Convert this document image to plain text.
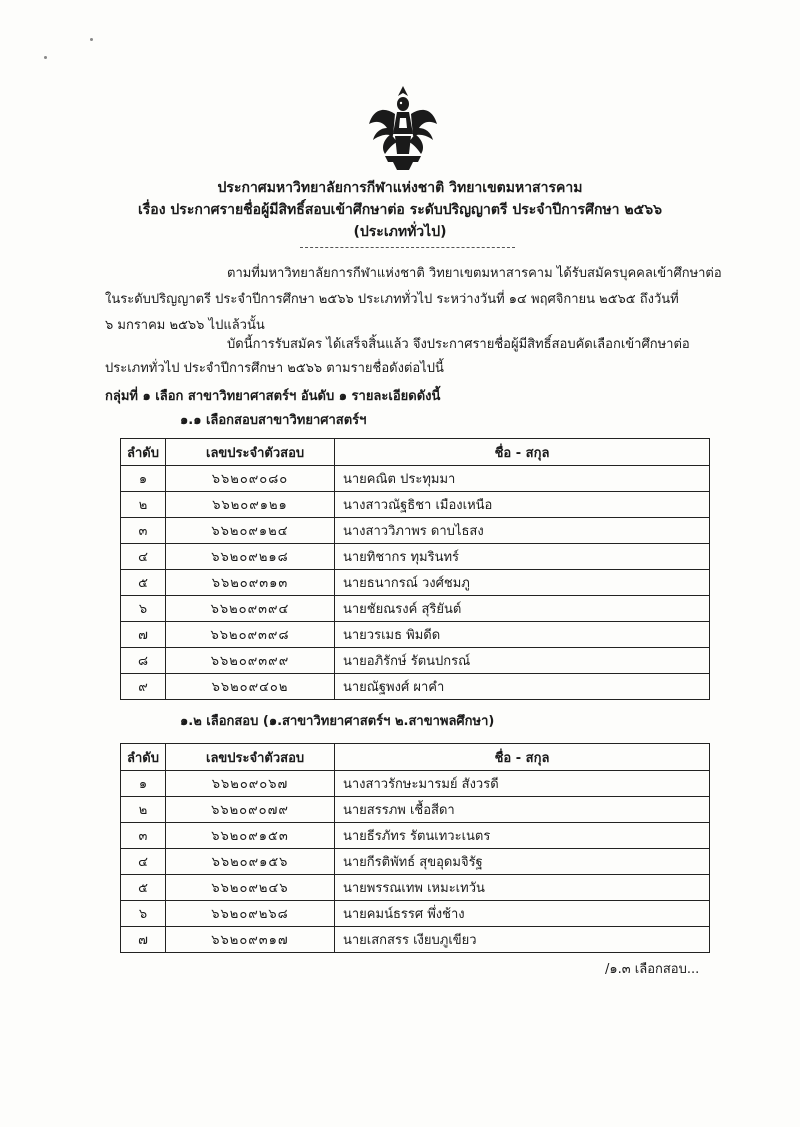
ประกาศมหาวิทยาลัยการกีฬาแห่งชาติ วิทยาเขตมหาสารคาม
เรื่อง ประกาศรายชื่อผู้มีสิทธิ์สอบเข้าศึกษาต่อ ระดับปริญญาตรี ประจำปีการศึกษา ๒๕๖๖
(ประเภททั่วไป)
ตามที่มหาวิทยาลัยการกีฬาแห่งชาติ วิทยาเขตมหาสารคาม ได้รับสมัครบุคคลเข้าศึกษาต่อ
ในระดับปริญญาตรี ประจำปีการศึกษา ๒๕๖๖ ประเภททั่วไป ระหว่างวันที่ ๑๔ พฤศจิกายน ๒๕๖๕ ถึงวันที่
๖ มกราคม ๒๕๖๖ ไปแล้วนั้น
บัดนี้การรับสมัคร ได้เสร็จสิ้นแล้ว จึงประกาศรายชื่อผู้มีสิทธิ์สอบคัดเลือกเข้าศึกษาต่อ
ประเภททั่วไป ประจำปีการศึกษา ๒๕๖๖ ตามรายชื่อดังต่อไปนี้
กลุ่มที่ ๑ เลือก สาขาวิทยาศาสตร์ฯ อันดับ ๑ รายละเอียดดังนี้
๑.๑ เลือกสอบสาขาวิทยาศาสตร์ฯ
ลำดับ	เลขประจำตัวสอบ	ชื่อ - สกุล
๑	๖๖๒๐๙๐๘๐	นายคณิต ประทุมมา
๒	๖๖๒๐๙๑๒๑	นางสาวณัฐธิชา เมืองเหนือ
๓	๖๖๒๐๙๑๒๔	นางสาววิภาพร ดาบไธสง
๔	๖๖๒๐๙๒๑๘	นายทิชากร ทุมรินทร์
๕	๖๖๒๐๙๓๑๓	นายธนากรณ์ วงศ์ชมภู
๖	๖๖๒๐๙๓๙๔	นายชัยณรงค์ สุริยันต์
๗	๖๖๒๐๙๓๙๘	นายวรเมธ พิมดีด
๘	๖๖๒๐๙๓๙๙	นายอภิรักษ์ รัตนปกรณ์
๙	๖๖๒๐๙๔๐๒	นายณัฐพงศ์ ผาคำ
๑.๒ เลือกสอบ (๑.สาขาวิทยาศาสตร์ฯ ๒.สาขาพลศึกษา)
ลำดับ	เลขประจำตัวสอบ	ชื่อ - สกุล
๑	๖๖๒๐๙๐๖๗	นางสาวรักษะมารมย์ สังวรดี
๒	๖๖๒๐๙๐๗๙	นายสรรภพ เชื้อสีดา
๓	๖๖๒๐๙๑๕๓	นายธีรภัทร รัตนเทวะเนตร
๔	๖๖๒๐๙๑๕๖	นายกีรติพัทธ์ สุขอุดมจิรัฐ
๕	๖๖๒๐๙๒๔๖	นายพรรณเทพ เหมะเทวัน
๖	๖๖๒๐๙๒๖๘	นายคมน์ธรรศ พึ่งช้าง
๗	๖๖๒๐๙๓๑๗	นายเสกสรร เงียบภูเขียว
/๑.๓ เลือกสอบ...
